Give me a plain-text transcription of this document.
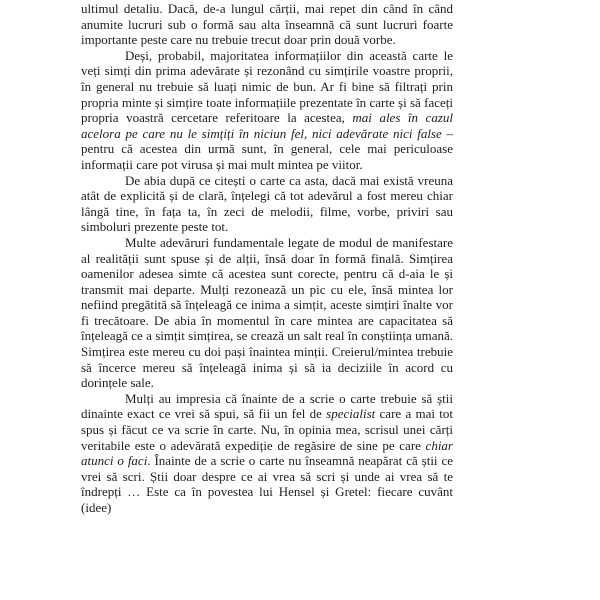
ultimul detaliu. Dacă, de-a lungul cărții, mai repet din când în când anumite lucruri sub o formă sau alta înseamnă că sunt lucruri foarte importante peste care nu trebuie trecut doar prin două vorbe.

Deși, probabil, majoritatea informațiilor din această carte le veți simți din prima adevărate și rezonând cu simțirile voastre proprii, în general nu trebuie să luați nimic de bun. Ar fi bine să filtrați prin propria minte și simțire toate informațiile prezentate în carte și să faceți propria voastră cercetare referitoare la acestea, mai ales în cazul acelora pe care nu le simțiți în niciun fel, nici adevărate nici false – pentru că acestea din urmă sunt, în general, cele mai periculoase informații care pot virusa și mai mult mintea pe viitor.

De abia după ce citești o carte ca asta, dacă mai există vreuna atât de explicită și de clară, înțelegi că tot adevărul a fost mereu chiar lângă tine, în fața ta, în zeci de melodii, filme, vorbe, priviri sau simboluri prezente peste tot.

Multe adevăruri fundamentale legate de modul de manifestare al realității sunt spuse și de alții, însă doar în formă finală. Simțirea oamenilor adesea simte că acestea sunt corecte, pentru că d-aia le și transmit mai departe. Mulți rezonează un pic cu ele, însă mintea lor nefiind pregătită să înțeleagă ce inima a simțit, aceste simțiri înalte vor fi trecătoare. De abia în momentul în care mintea are capacitatea să înțeleagă ce a simțit simțirea, se crează un salt real în conștiința umană. Simțirea este mereu cu doi pași înaintea minții. Creierul/mintea trebuie să încerce mereu să înțeleagă inima și să ia deciziile în acord cu dorințele sale.

Mulți au impresia că înainte de a scrie o carte trebuie să știi dinainte exact ce vrei să spui, să fii un fel de specialist care a mai tot spus și făcut ce va scrie în carte. Nu, în opinia mea, scrisul unei cărți veritabile este o adevărată expediție de regăsire de sine pe care chiar atunci o faci. Înainte de a scrie o carte nu înseamnă neapărat că știi ce vrei să scri. Știi doar despre ce ai vrea să scri și unde ai vrea să te îndrepți … Este ca în povestea lui Hensel și Gretel: fiecare cuvânt (idee)
